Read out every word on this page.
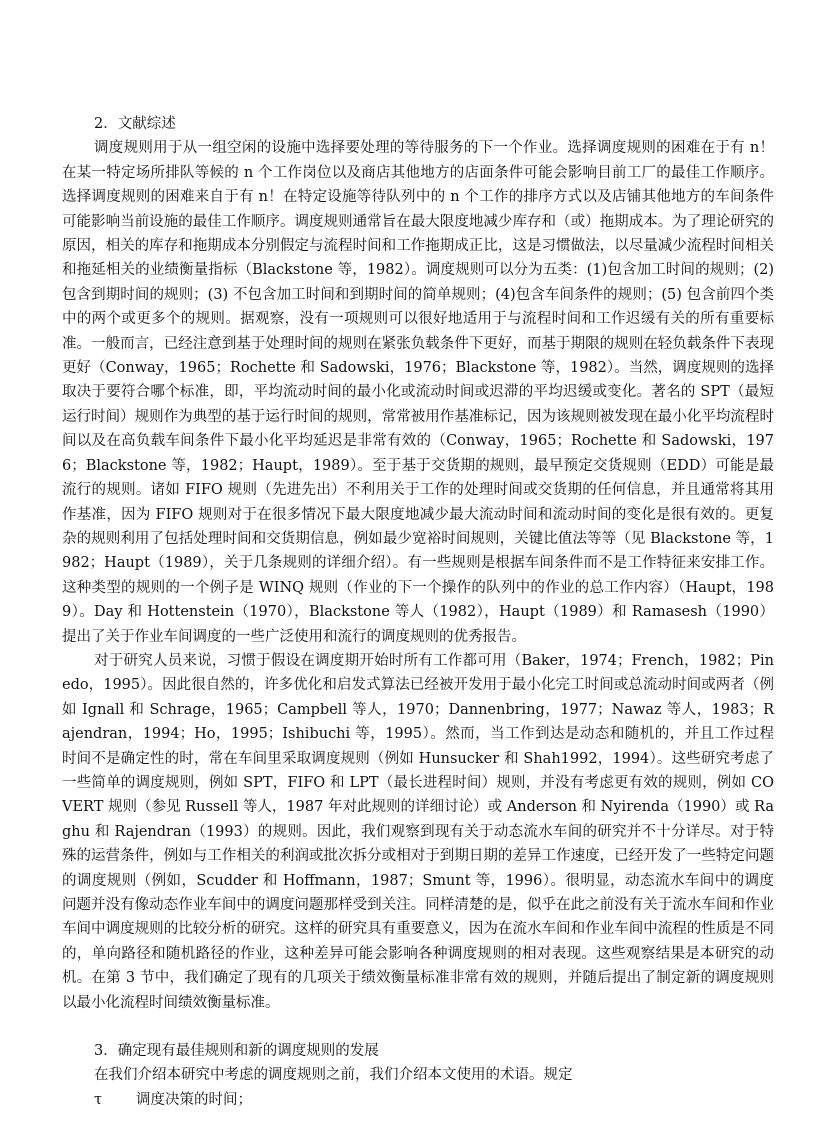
2．文献综述

调度规则用于从一组空闲的设施中选择要处理的等待服务的下一个作业。选择调度规则的困难在于有 n！在某一特定场所排队等候的 n 个工作岗位以及商店其他地方的店面条件可能会影响目前工厂的最佳工作顺序。选择调度规则的困难来自于有 n！在特定设施等待队列中的 n 个工作的排序方式以及店铺其他地方的车间条件可能影响当前设施的最佳工作顺序。调度规则通常旨在最大限度地减少库存和（或）拖期成本。为了理论研究的原因，相关的库存和拖期成本分别假定与流程时间和工作拖期成正比，这是习惯做法，以尽量减少流程时间相关和拖延相关的业绩衡量指标（Blackstone 等，1982）。调度规则可以分为五类：(1)包含加工时间的规则；(2)包含到期时间的规则；(3) 不包含加工时间和到期时间的简单规则；(4)包含车间条件的规则；(5) 包含前四个类中的两个或更多个的规则。据观察，没有一项规则可以很好地适用于与流程时间和工作迟缓有关的所有重要标准。一般而言，已经注意到基于处理时间的规则在紧张负载条件下更好，而基于期限的规则在轻负载条件下表现更好（Conway，1965；Rochette 和 Sadowski，1976；Blackstone 等，1982）。当然，调度规则的选择取决于要符合哪个标准，即，平均流动时间的最小化或流动时间或迟滞的平均迟缓或变化。著名的 SPT（最短运行时间）规则作为典型的基于运行时间的规则，常常被用作基准标记，因为该规则被发现在最小化平均流程时间以及在高负载车间条件下最小化平均延迟是非常有效的（Conway，1965；Rochette 和 Sadowski，1976；Blackstone 等，1982；Haupt，1989）。至于基于交货期的规则，最早预定交货规则（EDD）可能是最流行的规则。诸如 FIFO 规则（先进先出）不利用关于工作的处理时间或交货期的任何信息，并且通常将其用作基准，因为 FIFO 规则对于在很多情况下最大限度地减少最大流动时间和流动时间的变化是很有效的。更复杂的规则利用了包括处理时间和交货期信息，例如最少宽裕时间规则，关键比值法等等（见 Blackstone 等，1982；Haupt（1989），关于几条规则的详细介绍）。有一些规则是根据车间条件而不是工作特征来安排工作。这种类型的规则的一个例子是 WINQ 规则（作业的下一个操作的队列中的作业的总工作内容）（Haupt，1989）。Day 和 Hottenstein（1970），Blackstone 等人（1982），Haupt（1989）和 Ramasesh（1990）提出了关于作业车间调度的一些广泛使用和流行的调度规则的优秀报告。

对于研究人员来说，习惯于假设在调度期开始时所有工作都可用（Baker，1974；French，1982；Pinedo，1995）。因此很自然的，许多优化和启发式算法已经被开发用于最小化完工时间或总流动时间或两者（例如 Ignall 和 Schrage，1965；Campbell 等人，1970；Dannenbring，1977；Nawaz 等人，1983；Rajendran，1994；Ho，1995；Ishibuchi 等，1995）。然而，当工作到达是动态和随机的，并且工作过程时间不是确定性的时，常在车间里采取调度规则（例如 Hunsucker 和 Shah1992，1994）。这些研究考虑了一些简单的调度规则，例如 SPT，FIFO 和 LPT（最长进程时间）规则，并没有考虑更有效的规则，例如 COVERT 规则（参见 Russell 等人，1987 年对此规则的详细讨论）或 Anderson 和 Nyirenda（1990）或 Raghu 和 Rajendran（1993）的规则。因此，我们观察到现有关于动态流水车间的研究并不十分详尽。对于特殊的运营条件，例如与工作相关的利润或批次拆分或相对于到期日期的差异工作速度，已经开发了一些特定问题的调度规则（例如，Scudder 和 Hoffmann，1987；Smunt 等，1996）。很明显，动态流水车间中的调度问题并没有像动态作业车间中的调度问题那样受到关注。同样清楚的是，似乎在此之前没有关于流水车间和作业车间中调度规则的比较分析的研究。这样的研究具有重要意义，因为在流水车间和作业车间中流程的性质是不同的，单向路径和随机路径的作业，这种差异可能会影响各种调度规则的相对表现。这些观察结果是本研究的动机。在第 3 节中，我们确定了现有的几项关于绩效衡量标准非常有效的规则，并随后提出了制定新的调度规则以最小化流程时间绩效衡量标准。

3．确定现有最佳规则和新的调度规则的发展

在我们介绍本研究中考虑的调度规则之前，我们介绍本文使用的术语。规定

τ 调度决策的时间；
